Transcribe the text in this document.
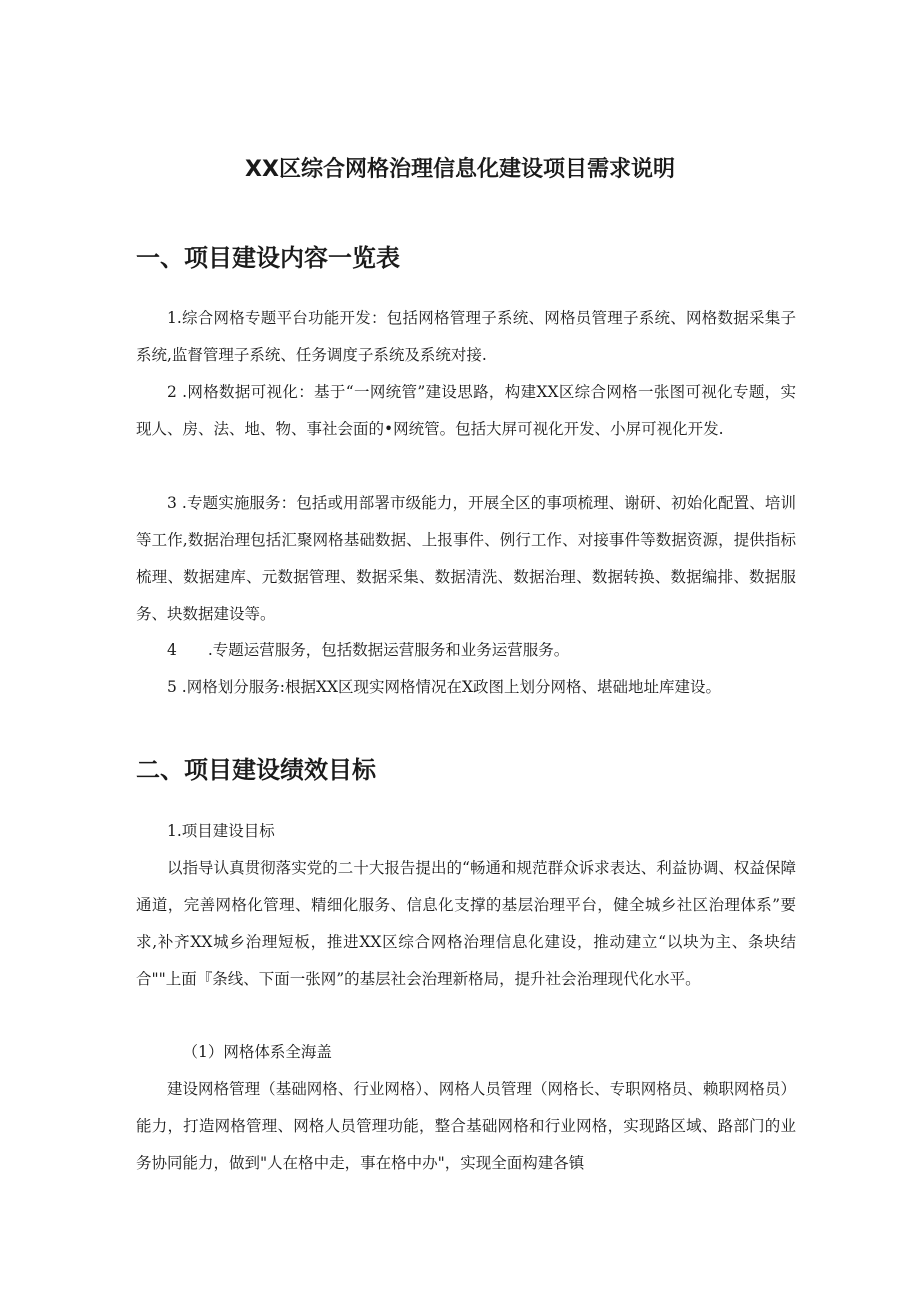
XX区综合网格治理信息化建设项目需求说明
一、项目建设内容一览表

1.综合网格专题平台功能开发：包括网格管理子系统、网格员管理子系统、网格数据采集子系统,监督管理子系统、任务调度子系统及系统对接.

2 .网格数据可视化：基于“一网统管”建设思路，构建XX区综合网格一张图可视化专题，实现人、房、法、地、物、事社会面的•网统管。包括大屏可视化开发、小屏可视化开发.

3 .专题实施服务：包括或用部署市级能力，开展全区的事项梳理、谢研、初始化配置、培训等工作,数据治理包括汇聚网格基础数据、上报事件、例行工作、对接事件等数据资源，提供指标梳理、数据建库、元数据管理、数据采集、数据清洗、数据治理、数据转换、数据编排、数据服务、块数据建设等。

4　　.专题运营服务，包括数据运营服务和业务运营服务。

5 .网格划分服务:根据XX区现实网格情况在X政图上划分网格、堪础地址库建设。

二、项目建设绩效目标

1.项目建设目标

以指导认真贯彻落实党的二十大报告提出的“畅通和规范群众诉求表达、利益协调、权益保障通道，完善网格化管理、精细化服务、信息化支撑的基层治理平台，健全城乡社区治理体系”要求,补齐XX城乡治理短板，推进XX区综合网格治理信息化建设，推动建立“以块为主、条块结合""上面『条线、下面一张网”的基层社会治理新格局，提升社会治理现代化水平。

（1）网格体系全海盖

建设网格管理（基础网格、行业网格）、网格人员管理（网格长、专职网格员、赖职网格员）能力，打造网格管理、网格人员管理功能，整合基础网格和行业网格，实现路区域、路部门的业务协同能力，做到"人在格中走，事在格中办"，实现全面构建各镇
